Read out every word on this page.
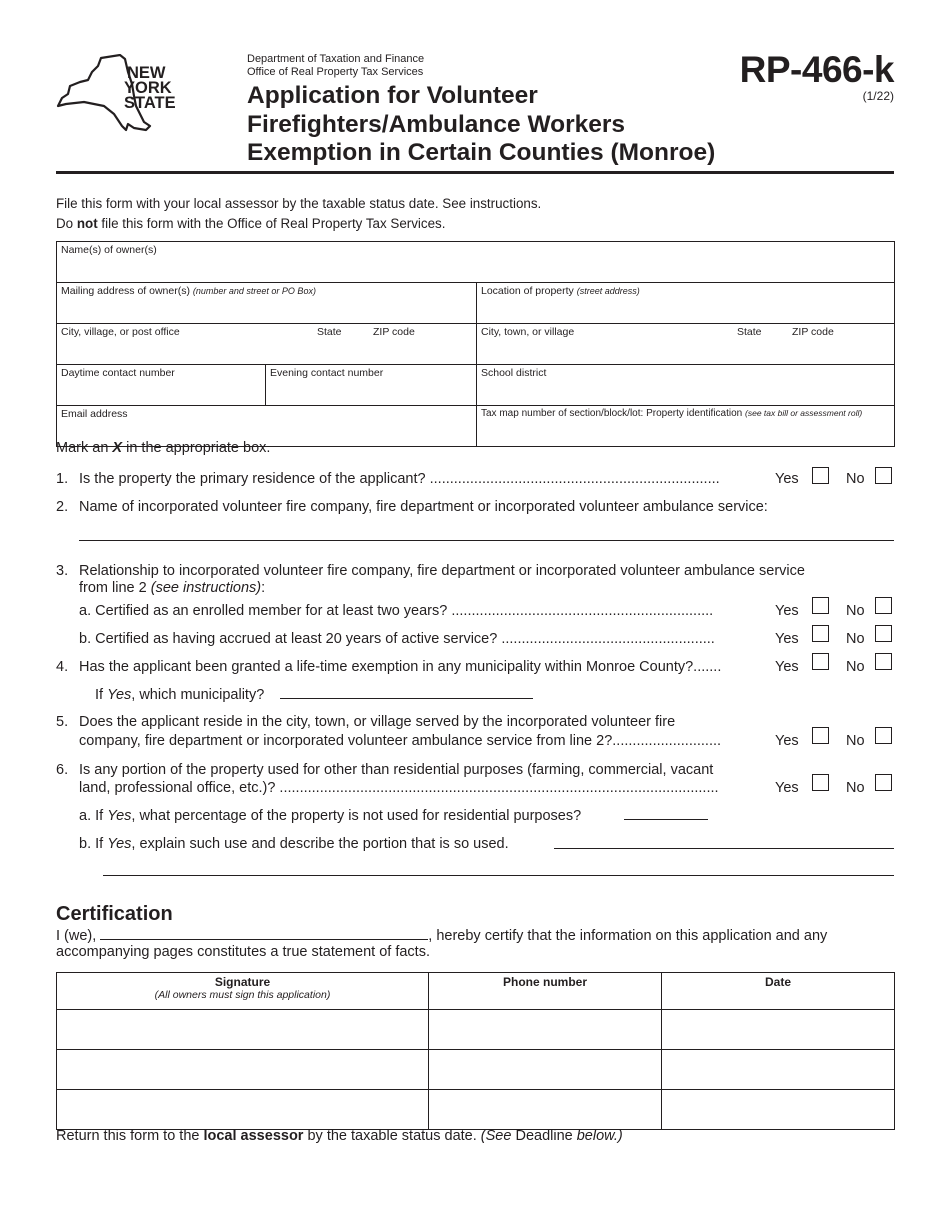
NEW
YORK
STATE
Department of Taxation and Finance
Office of Real Property Tax Services
Application for Volunteer
Firefighters/Ambulance Workers
Exemption in Certain Counties (Monroe)
RP-466-k
(1/22)
File this form with your local assessor by the taxable status date. See instructions.
Do not file this form with the Office of Real Property Tax Services.
Name(s) of owner(s)		
Mailing address of owner(s) (number and street or PO Box)		Location of property (street address)
City, village, or post office State ZIP code		City, town, or village State ZIP code

Daytime contact number	Evening contact number	School district
Email address		Tax map number of section/block/lot: Property identification (see tax bill or assessment roll)
Mark an X in the appropriate box.
1. Is the property the primary residence of the applicant? ........................................................................	Yes	No
2. Name of incorporated volunteer fire company, fire department or incorporated volunteer ambulance service:
3. Relationship to incorporated volunteer fire company, fire department or incorporated volunteer ambulance service
from line 2 (see instructions):
a. Certified as an enrolled member for at least two years? .................................................................	Yes	No
b. Certified as having accrued at least 20 years of active service? .....................................................	Yes	No
4. Has the applicant been granted a life-time exemption in any municipality within Monroe County?.......	Yes	No
If Yes, which municipality?
5. Does the applicant reside in the city, town, or village served by the incorporated volunteer fire
company, fire department or incorporated volunteer ambulance service from line 2?...........................	Yes	No
6. Is any portion of the property used for other than residential purposes (farming, commercial, vacant
land, professional office, etc.)? .............................................................................................................	Yes	No
a. If Yes, what percentage of the property is not used for residential purposes?
b. If Yes, explain such use and describe the portion that is so used.
Certification
I (we),	, hereby certify that the information on this application and any
accompanying pages constitutes a true statement of facts.
Signature
(All owners must sign this application)	Phone number	Date

Return this form to the local assessor by the taxable status date. (See Deadline below.)
